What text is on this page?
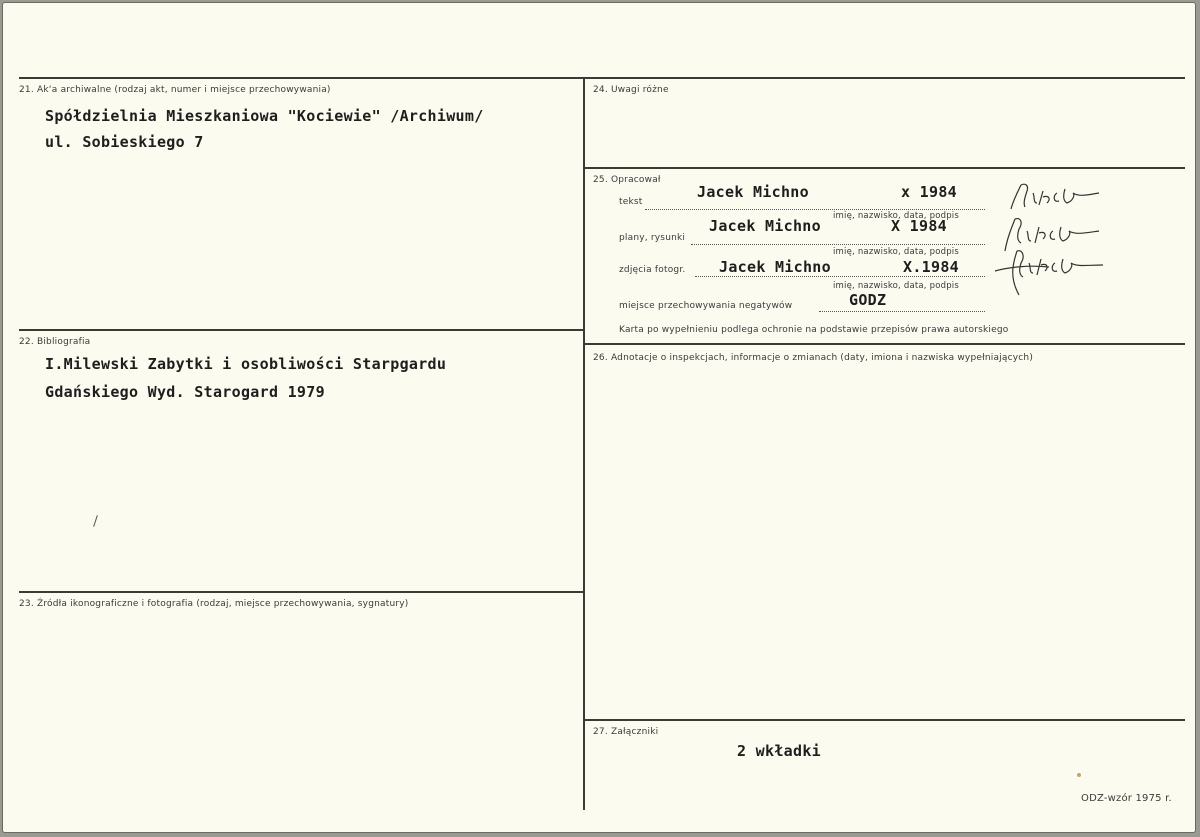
21. Ak‘a archiwalne (rodzaj akt, numer i miejsce przechowywania)
Spółdzielnia Mieszkaniowa "Kociewie" /Archiwum/
ul. Sobieskiego 7
22. Bibliografia
I.Milewski Zabytki i osobliwości Starpgardu
Gdańskiego Wyd. Starogard 1979
23. Źródła ikonograficzne i fotografia (rodzaj, miejsce przechowywania, sygnatury)
24. Uwagi różne
25. Opracował
tekst
Jacek Michno	x 1984
imię, nazwisko, data, podpis
plany, rysunki
Jacek Michno	X 1984
imię, nazwisko, data, podpis
zdjęcia fotogr. Jacek Michno	X.1984
imię, nazwisko, data, podpis
miejsce przechowywania negatywów	GODZ
Karta po wypełnieniu podlega ochronie na podstawie przepisów prawa autorskiego
26. Adnotacje o inspekcjach, informacje o zmianach (daty, imiona i nazwiska wypełniających)
27. Załączniki
2 wkładki
ODZ-wzór 1975 r.
